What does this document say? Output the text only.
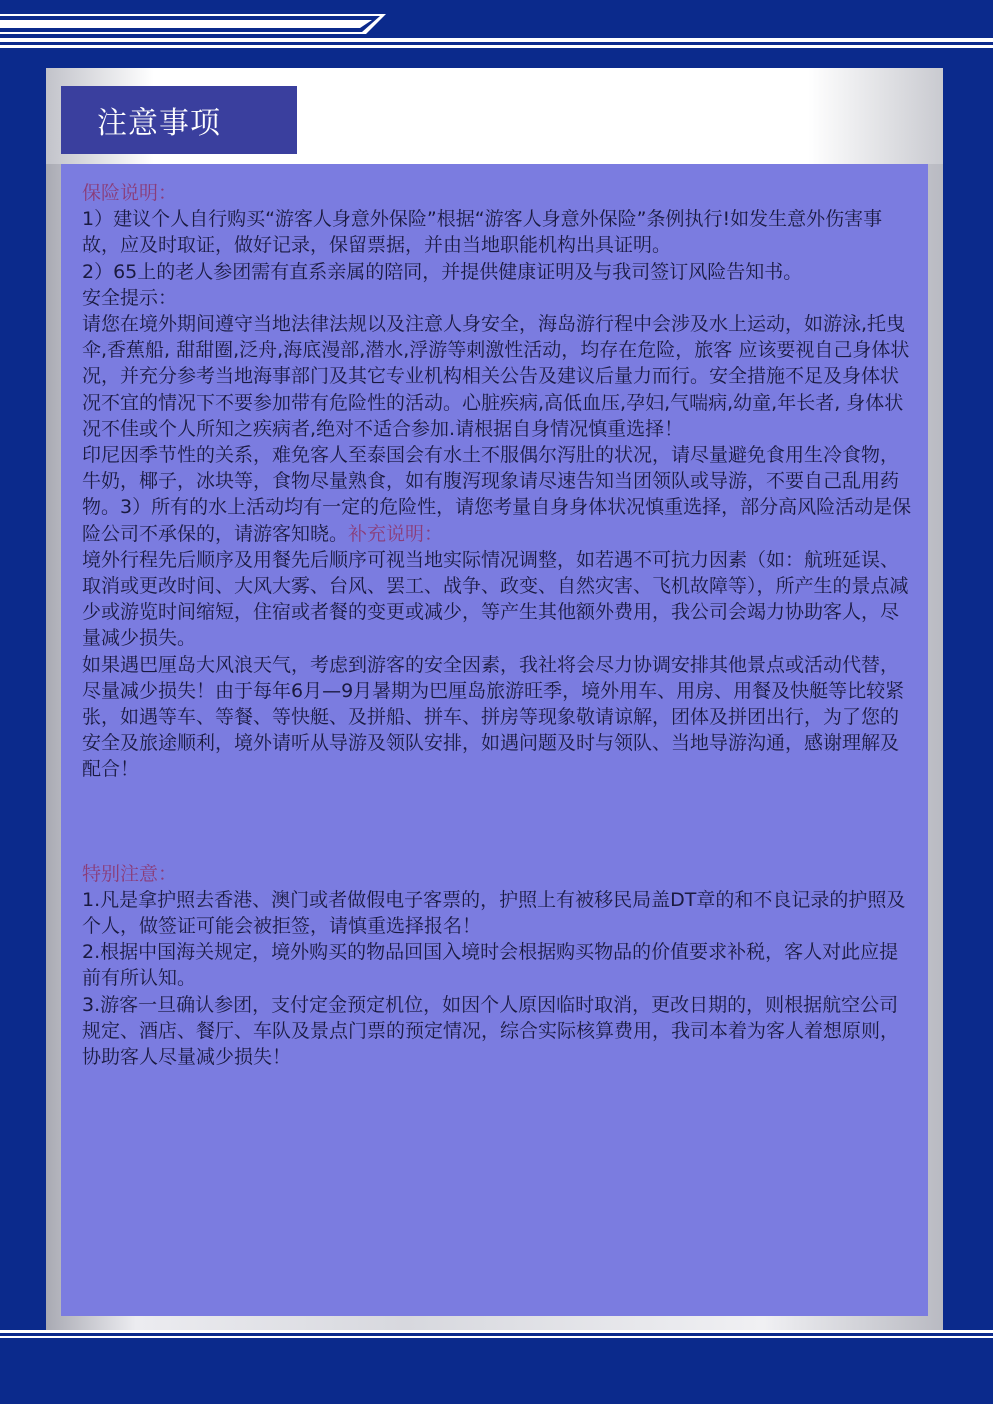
注意事项

保险说明：

1）建议个人自行购买“游客人身意外保险”根据“游客人身意外保险”条例执行!如发生意外伤害事故，应及时取证，做好记录，保留票据，并由当地职能机构出具证明。

2）65上的老人参团需有直系亲属的陪同，并提供健康证明及与我司签订风险告知书。

安全提示：

请您在境外期间遵守当地法律法规以及注意人身安全，海岛游行程中会涉及水上运动，如游泳,托曳伞,香蕉船, 甜甜圈,泛舟,海底漫部,潜水,浮游等刺激性活动，均存在危险，旅客 应该要视自己身体状况，并充分参考当地海事部门及其它专业机构相关公告及建议后量力而行。安全措施不足及身体状况不宜的情况下不要参加带有危险性的活动。心脏疾病,高低血压,孕妇,气喘病,幼童,年长者, 身体状况不佳或个人所知之疾病者,绝对不适合参加.请根据自身情况慎重选择！

印尼因季节性的关系，难免客人至泰国会有水土不服偶尔泻肚的状况，请尽量避免食用生冷食物，牛奶，椰子，冰块等，食物尽量熟食，如有腹泻现象请尽速告知当团领队或导游，不要自己乱用药物。3）所有的水上活动均有一定的危险性，请您考量自身身体状况慎重选择，部分高风险活动是保险公司不承保的，请游客知晓。补充说明：

境外行程先后顺序及用餐先后顺序可视当地实际情况调整，如若遇不可抗力因素（如：航班延误、取消或更改时间、大风大雾、台风、罢工、战争、政变、自然灾害、飞机故障等），所产生的景点减少或游览时间缩短，住宿或者餐的变更或减少，等产生其他额外费用，我公司会竭力协助客人，尽量减少损失。

如果遇巴厘岛大风浪天气，考虑到游客的安全因素，我社将会尽力协调安排其他景点或活动代替，尽量减少损失！由于每年6月—9月暑期为巴厘岛旅游旺季，境外用车、用房、用餐及快艇等比较紧张，如遇等车、等餐、等快艇、及拼船、拼车、拼房等现象敬请谅解，团体及拼团出行，为了您的安全及旅途顺利，境外请听从导游及领队安排，如遇问题及时与领队、当地导游沟通，感谢理解及配合！

特别注意：

1.凡是拿护照去香港、澳门或者做假电子客票的，护照上有被移民局盖DT章的和不良记录的护照及个人，做签证可能会被拒签，请慎重选择报名！

2.根据中国海关规定，境外购买的物品回国入境时会根据购买物品的价值要求补税，客人对此应提前有所认知。

3.游客一旦确认参团，支付定金预定机位，如因个人原因临时取消，更改日期的，则根据航空公司规定、酒店、餐厅、车队及景点门票的预定情况，综合实际核算费用，我司本着为客人着想原则，协助客人尽量减少损失！
